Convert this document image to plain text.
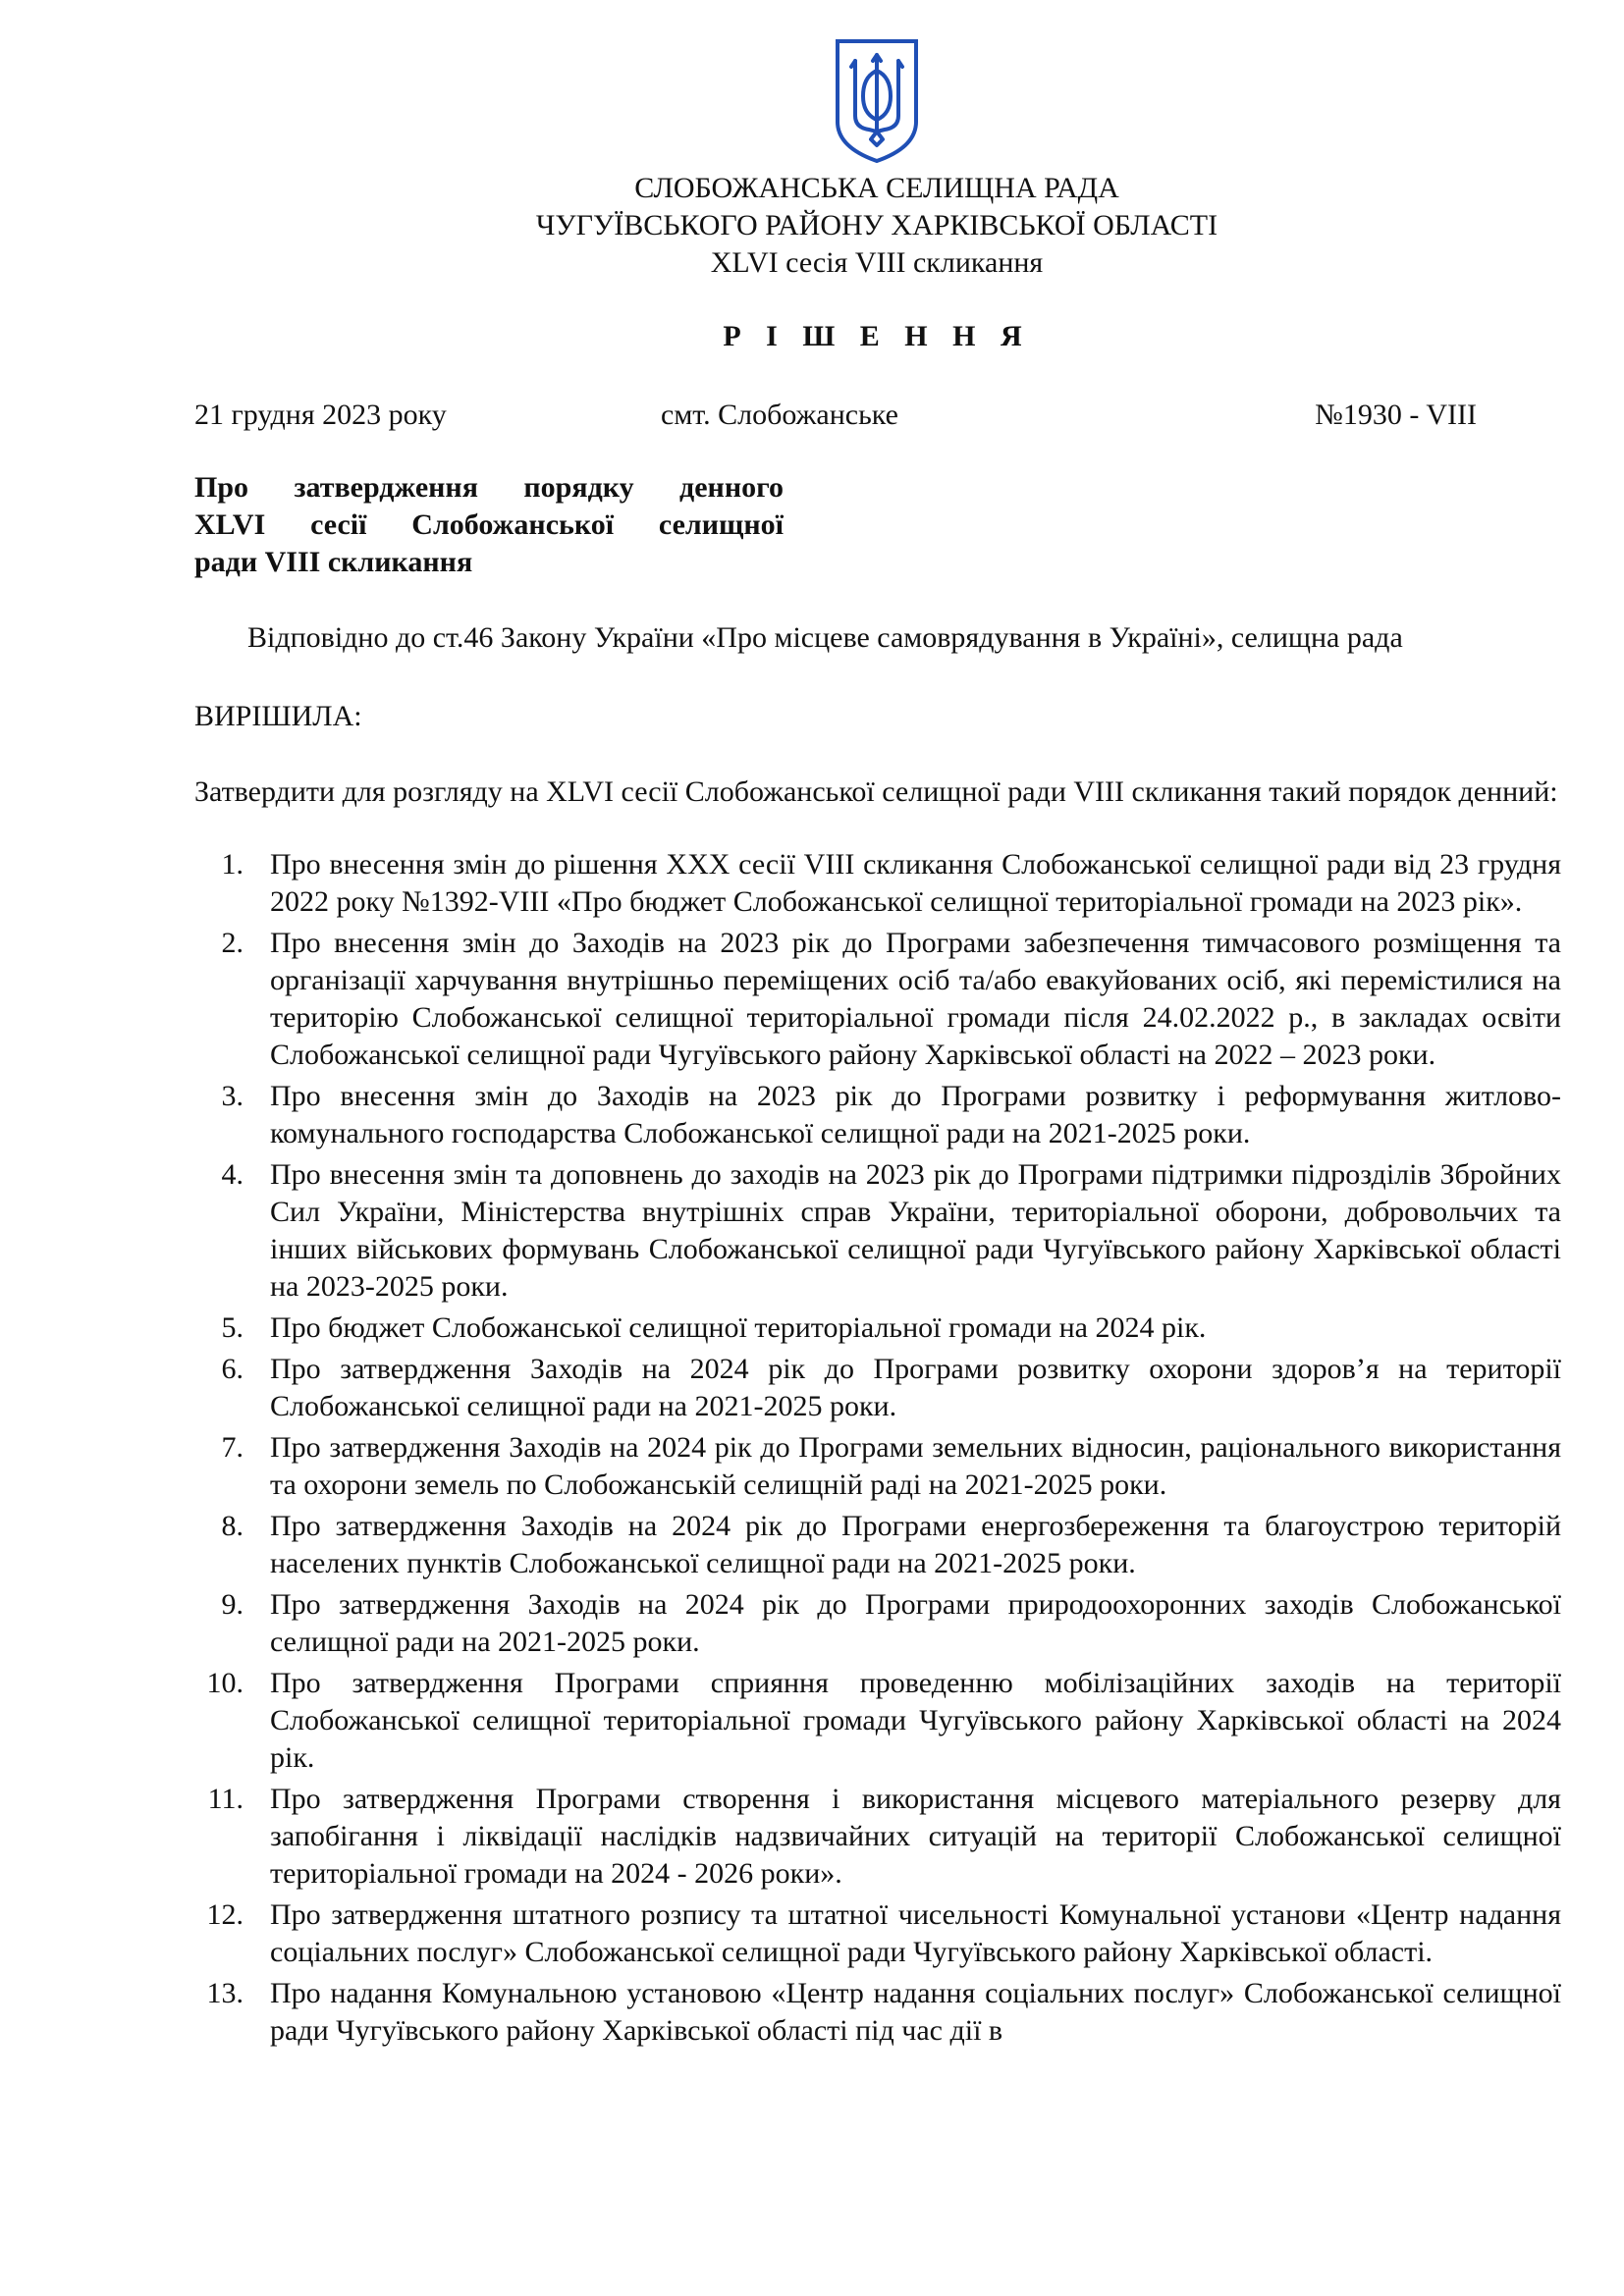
СЛОБОЖАНСЬКА СЕЛИЩНА РАДА
ЧУГУЇВСЬКОГО РАЙОНУ ХАРКІВСЬКОЇ ОБЛАСТІ
XLVI сесія VIII скликання
Р І Ш Е Н Н Я
21 грудня 2023 року	смт. Слобожанське	№1930 - VIII
Про затвердження порядку денного
XLVI сесії Слобожанської селищної
ради VIII скликання
Відповідно до ст.46 Закону України «Про місцеве самоврядування в Україні», селищна рада
ВИРІШИЛА:
Затвердити для розгляду на XLVI сесії Слобожанської селищної ради VIII скликання такий порядок денний:
1. Про внесення змін до рішення ХХХ сесії VIII скликання Слобожанської селищної ради від 23 грудня 2022 року №1392-VIII «Про бюджет Слобожанської селищної територіальної громади на 2023 рік».
2. Про внесення змін до Заходів на 2023 рік до Програми забезпечення тимчасового розміщення та організації харчування внутрішньо переміщених осіб та/або евакуйованих осіб, які перемістилися на територію Слобожанської селищної територіальної громади після 24.02.2022 р., в закладах освіти Слобожанської селищної ради Чугуївського району Харківської області на 2022 – 2023 роки.
3. Про внесення змін до Заходів на 2023 рік до Програми розвитку і реформування житлово-комунального господарства Слобожанської селищної ради на 2021-2025 роки.
4. Про внесення змін та доповнень до заходів на 2023 рік до Програми підтримки підрозділів Збройних Сил України, Міністерства внутрішніх справ України, територіальної оборони, добровольчих та інших військових формувань Слобожанської селищної ради Чугуївського району Харківської області на 2023-2025 роки.
5. Про бюджет Слобожанської селищної територіальної громади на 2024 рік.
6. Про затвердження Заходів на 2024 рік до Програми розвитку охорони здоров’я на території Слобожанської селищної ради на 2021-2025 роки.
7. Про затвердження Заходів на 2024 рік до Програми земельних відносин, раціонального використання та охорони земель по Слобожанській селищній раді на 2021-2025 роки.
8. Про затвердження Заходів на 2024 рік до Програми енергозбереження та благоустрою територій населених пунктів Слобожанської селищної ради на 2021-2025 роки.
9. Про затвердження Заходів на 2024 рік до Програми природоохоронних заходів Слобожанської селищної ради на 2021-2025 роки.
10. Про затвердження Програми сприяння проведенню мобілізаційних заходів на території Слобожанської селищної територіальної громади Чугуївського району Харківської області на 2024 рік.
11. Про затвердження Програми створення і використання місцевого матеріального резерву для запобігання і ліквідації наслідків надзвичайних ситуацій на території Слобожанської селищної територіальної громади на 2024 - 2026 роки».
12. Про затвердження штатного розпису та штатної чисельності Комунальної установи «Центр надання соціальних послуг» Слобожанської селищної ради Чугуївського району Харківської області.
13. Про надання Комунальною установою «Центр надання соціальних послуг» Слобожанської селищної ради Чугуївського району Харківської області під час дії в
